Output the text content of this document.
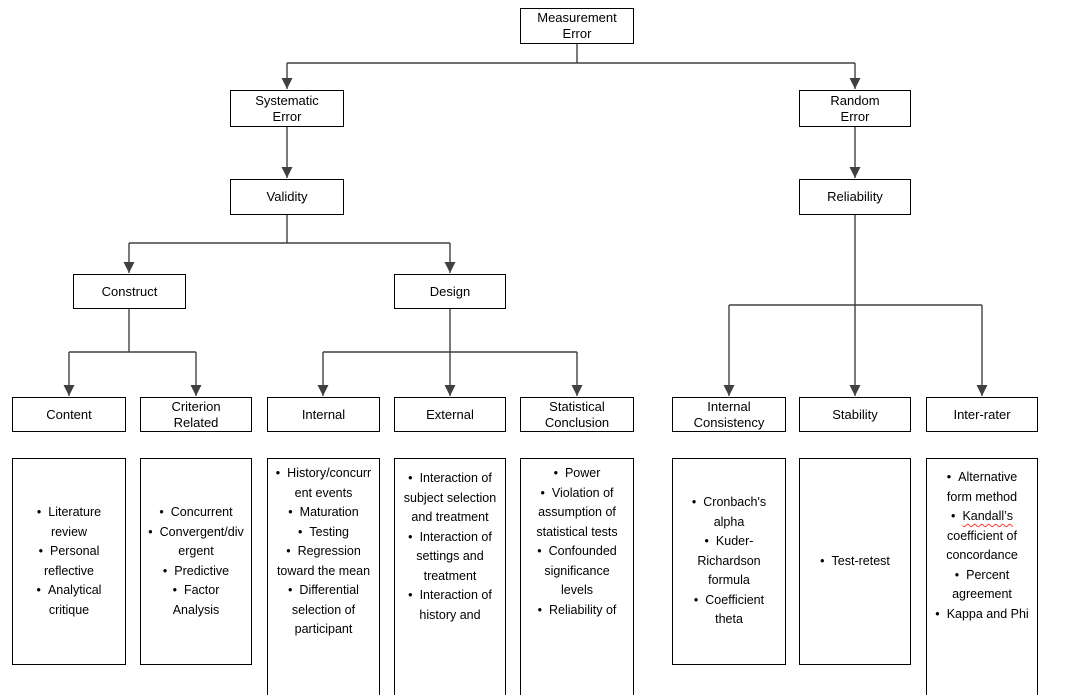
Measurement Error
Systematic Error
Random Error
Validity	Reliability
Construct	Design
Content
Criterion Related
Internal	External
Statistical Conclusion
Internal Consistency
Stability	Inter-rater
• Literature review
• Personal reflective
• Analytical critique
• Concurrent
• Convergent/divergent
• Predictive
• Factor Analysis
• History/concurrent events
• Maturation
• Testing
• Regression toward the mean
• Differential selection of participant
• Interaction of subject selection and treatment
• Interaction of settings and treatment
• Interaction of history and
• Power
• Violation of assumption of statistical tests
• Confounded significance levels
• Reliability of
• Cronbach's alpha
• Kuder-Richardson formula
• Coefficient theta
• Test-retest
• Alternative form method
• Kandall’s coefficient of concordance
• Percent agreement
• Kappa and Phi
